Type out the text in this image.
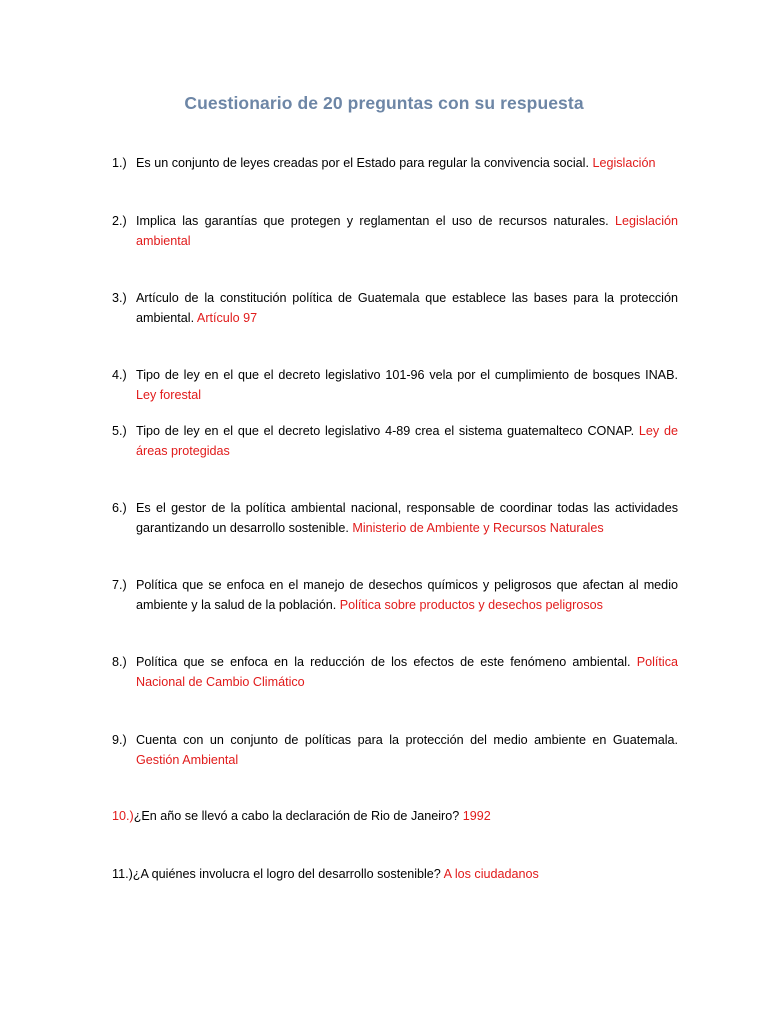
Cuestionario de 20 preguntas con su respuesta
1.) Es un conjunto de leyes creadas por el Estado para regular la convivencia social. Legislación
2.) Implica las garantías que protegen y reglamentan el uso de recursos naturales. Legislación ambiental
3.) Artículo de la constitución política de Guatemala que establece las bases para la protección ambiental. Artículo 97
4.) Tipo de ley en el que el decreto legislativo 101-96 vela por el cumplimiento de bosques INAB. Ley forestal
5.) Tipo de ley en el que el decreto legislativo 4-89 crea el sistema guatemalteco CONAP. Ley de áreas protegidas
6.) Es el gestor de la política ambiental nacional, responsable de coordinar todas las actividades garantizando un desarrollo sostenible. Ministerio de Ambiente y Recursos Naturales
7.) Política que se enfoca en el manejo de desechos químicos y peligrosos que afectan al medio ambiente y la salud de la población. Política sobre productos y desechos peligrosos
8.) Política que se enfoca en la reducción de los efectos de este fenómeno ambiental. Política Nacional de Cambio Climático
9.) Cuenta con un conjunto de políticas para la protección del medio ambiente en Guatemala. Gestión Ambiental
10.)¿En año se llevó a cabo la declaración de Rio de Janeiro? 1992
11.)¿A quiénes involucra el logro del desarrollo sostenible? A los ciudadanos
